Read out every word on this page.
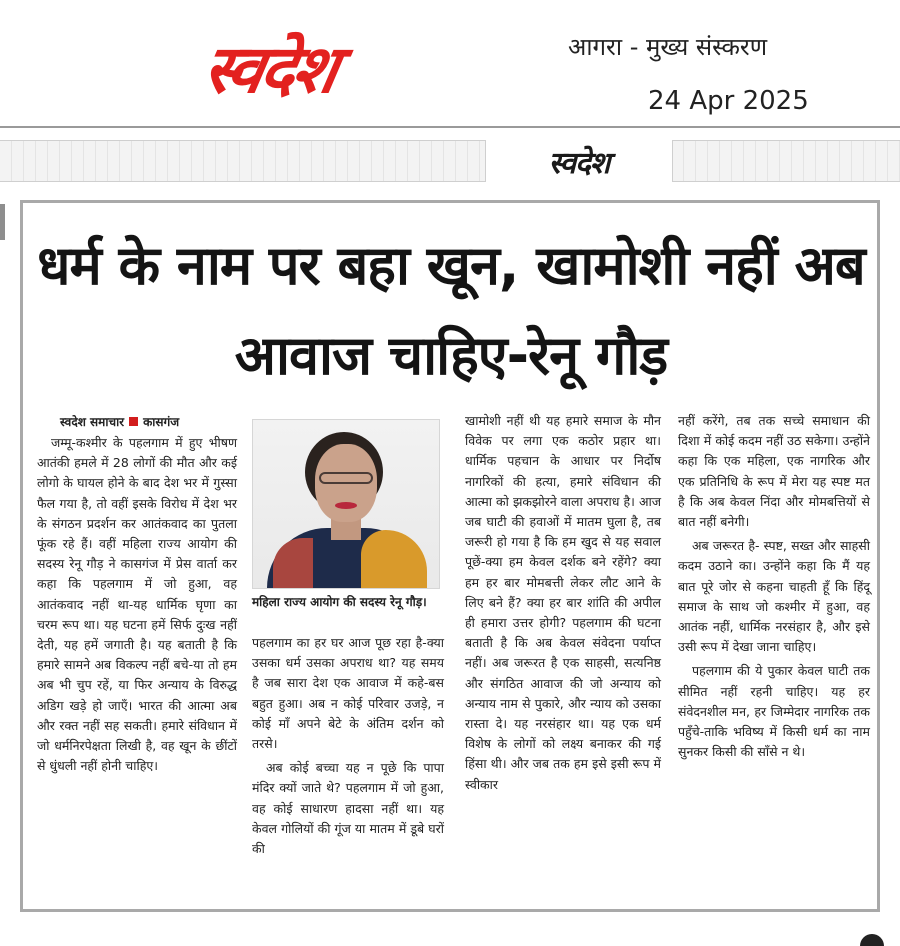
स्वदेश	आगरा - मुख्य संस्करण
24 Apr 2025
स्वदेश
धर्म के नाम पर बहा खून, खामोशी नहीं अब आवाज चाहिए-रेनू गौड़
स्वदेश समाचार कासगंज

जम्मू-कश्मीर के पहलगाम में हुए भीषण आतंकी हमले में 28 लोगों की मौत और कई लोगो के घायल होने के बाद देश भर में गुस्सा फैल गया है, तो वहीं इसके विरोध में देश भर के संगठन प्रदर्शन कर आतंकवाद का पुतला फूंक रहे हैं। वहीं महिला राज्य आयोग की सदस्य रेनू गौड़ ने कासगंज में प्रेस वार्ता कर कहा कि पहलगाम में जो हुआ, वह आतंकवाद नहीं था-यह धार्मिक घृणा का चरम रूप था। यह घटना हमें सिर्फ दुःख नहीं देती, यह हमें जगाती है। यह बताती है कि हमारे सामने अब विकल्प नहीं बचे-या तो हम अब भी चुप रहें, या फिर अन्याय के विरुद्ध अडिग खड़े हो जाएँ। भारत की आत्मा अब और रक्त नहीं सह सकती। हमारे संविधान में जो धर्मनिरपेक्षता लिखी है, वह खून के छींटों से धुंधली नहीं होनी चाहिए।

महिला राज्य आयोग की सदस्य रेनू गौड़।

पहलगाम का हर घर आज पूछ रहा है-क्या उसका धर्म उसका अपराध था? यह समय है जब सारा देश एक आवाज में कहे-बस बहुत हुआ। अब न कोई परिवार उजड़े, न कोई माँ अपने बेटे के अंतिम दर्शन को तरसे।

अब कोई बच्चा यह न पूछे कि पापा मंदिर क्यों जाते थे? पहलगाम में जो हुआ, वह कोई साधारण हादसा नहीं था। यह केवल गोलियों की गूंज या मातम में डूबे घरों की

खामोशी नहीं थी यह हमारे समाज के मौन विवेक पर लगा एक कठोर प्रहार था। धार्मिक पहचान के आधार पर निर्दोष नागरिकों की हत्या, हमारे संविधान की आत्मा को झकझोरने वाला अपराध है। आज जब घाटी की हवाओं में मातम घुला है, तब जरूरी हो गया है कि हम खुद से यह सवाल पूछें-क्या हम केवल दर्शक बने रहेंगे? क्या हम हर बार मोमबत्ती लेकर लौट आने के लिए बने हैं? क्या हर बार शांति की अपील ही हमारा उत्तर होगी? पहलगाम की घटना बताती है कि अब केवल संवेदना पर्याप्त नहीं। अब जरूरत है एक साहसी, सत्यनिष्ठ और संगठित आवाज की जो अन्याय को अन्याय नाम से पुकारे, और न्याय को उसका रास्ता दे। यह नरसंहार था। यह एक धर्म विशेष के लोगों को लक्ष्य बनाकर की गई हिंसा थी। और जब तक हम इसे इसी रूप में स्वीकार

नहीं करेंगे, तब तक सच्चे समाधान की दिशा में कोई कदम नहीं उठ सकेगा। उन्होंने कहा कि एक महिला, एक नागरिक और एक प्रतिनिधि के रूप में मेरा यह स्पष्ट मत है कि अब केवल निंदा और मोमबत्तियों से बात नहीं बनेगी।

अब जरूरत है- स्पष्ट, सख्त और साहसी कदम उठाने का। उन्होंने कहा कि मैं यह बात पूरे जोर से कहना चाहती हूँ कि हिंदू समाज के साथ जो कश्मीर में हुआ, वह आतंक नहीं, धार्मिक नरसंहार है, और इसे उसी रूप में देखा जाना चाहिए।

पहलगाम की ये पुकार केवल घाटी तक सीमित नहीं रहनी चाहिए। यह हर संवेदनशील मन, हर जिम्मेदार नागरिक तक पहुँचे-ताकि भविष्य में किसी धर्म का नाम सुनकर किसी की साँसे न थे।
